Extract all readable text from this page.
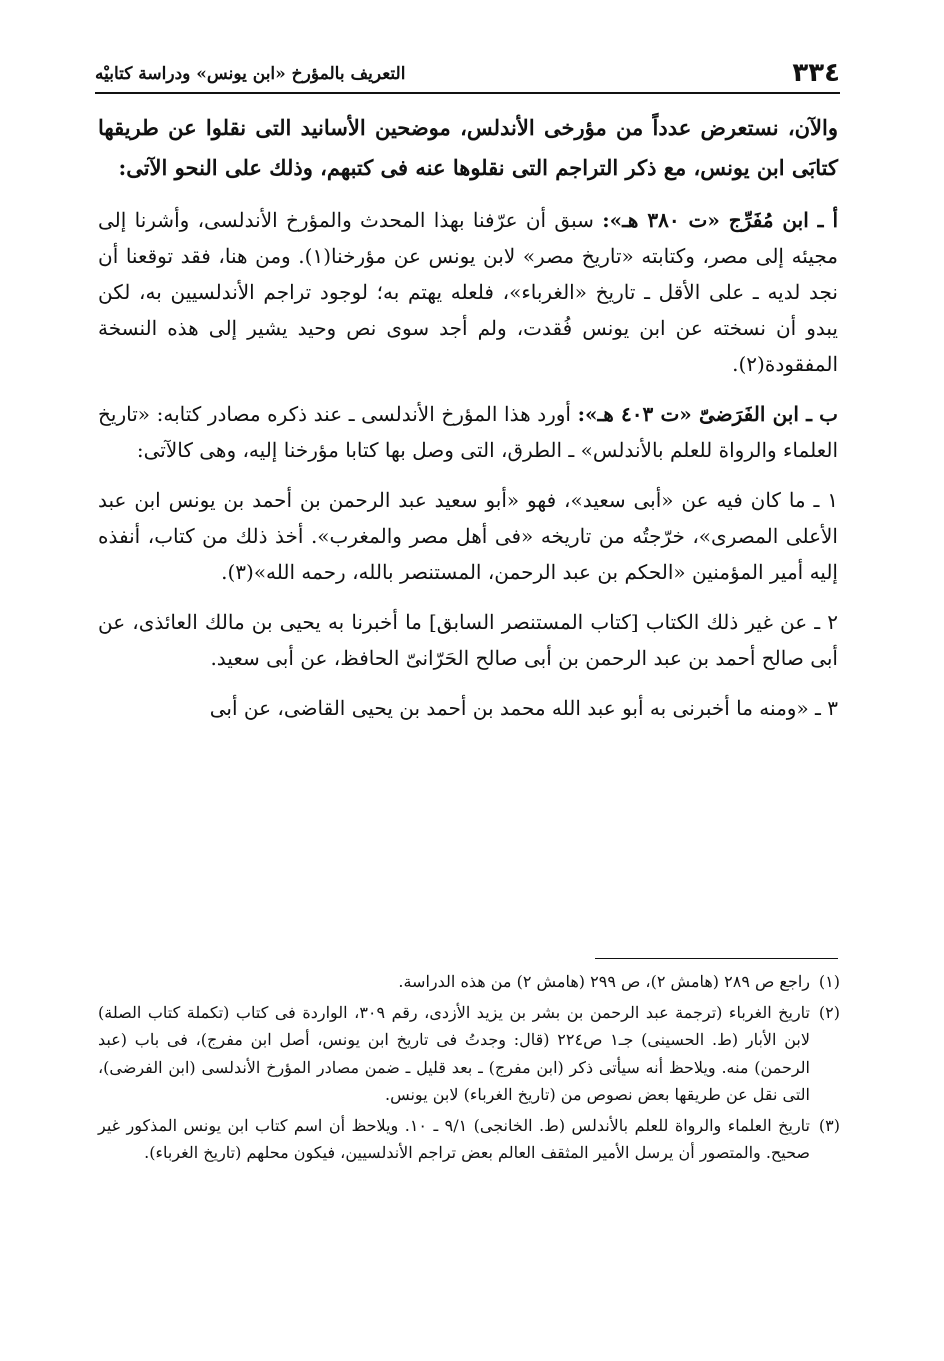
٣٣٤
التعريف بالمؤرخ «ابن يونس» ودراسة كتابيْه

والآن، نستعرض عدداً من مؤرخى الأندلس، موضحين الأسانيد التى نقلوا عن طريقها كتابَى ابن يونس، مع ذكر التراجم التى نقلوها عنه فى كتبهم، وذلك على النحو الآتى:

أ ـ ابن مُفَرِّج «ت ٣٨٠ هـ»: سبق أن عرّفنا بهذا المحدث والمؤرخ الأندلسى، وأشرنا إلى مجيئه إلى مصر، وكتابته «تاريخ مصر» لابن يونس عن مؤرخنا(١). ومن هنا، فقد توقعنا أن نجد لديه ـ على الأقل ـ تاريخ «الغرباء»، فلعله يهتم به؛ لوجود تراجم الأندلسيين به، لكن يبدو أن نسخته عن ابن يونس فُقدت، ولم أجد سوى نص وحيد يشير إلى هذه النسخة المفقودة(٢).

ب ـ ابن الفَرَضىّ «ت ٤٠٣ هـ»: أورد هذا المؤرخ الأندلسى ـ عند ذكره مصادر كتابه: «تاريخ العلماء والرواة للعلم بالأندلس» ـ الطرق، التى وصل بها كتابا مؤرخنا إليه، وهى كالآتى:

١ ـ ما كان فيه عن «أبى سعيد»، فهو «أبو سعيد عبد الرحمن بن أحمد بن يونس ابن عبد الأعلى المصرى»، خرّجتُه من تاريخه «فى أهل مصر والمغرب». أخذ ذلك من كتاب، أنفذه إليه أمير المؤمنين «الحكم بن عبد الرحمن، المستنصر بالله، رحمه الله»(٣).

٢ ـ عن غير ذلك الكتاب [كتاب المستنصر السابق] ما أخبرنا به يحيى بن مالك العائذى، عن أبى صالح أحمد بن عبد الرحمن بن أبى صالح الحَرّانىّ الحافظ، عن أبى سعيد.

٣ ـ «ومنه ما أخبرنى به أبو عبد الله محمد بن أحمد بن يحيى القاضى، عن أبى

(١)
راجع ص ٢٨٩ (هامش ٢)، ص ٢٩٩ (هامش ٢) من هذه الدراسة.
(٢)
تاريخ الغرباء (ترجمة عبد الرحمن بن بشر بن يزيد الأزدى، رقم ٣٠٩، الواردة فى كتاب (تكملة كتاب الصلة) لابن الأبار (ط. الحسينى) جـ١ ص٢٢٤ (قال: وجدتُ فى تاريخ ابن يونس، أصل ابن مفرج)، فى باب (عبد الرحمن) منه. ويلاحظ أنه سيأتى ذكر (ابن مفرج) ـ بعد قليل ـ ضمن مصادر المؤرخ الأندلسى (ابن الفرضى)، التى نقل عن طريقها بعض نصوص من (تاريخ الغرباء) لابن يونس.
(٣)
تاريخ العلماء والرواة للعلم بالأندلس (ط. الخانجى) ٩/١ ـ ١٠. ويلاحظ أن اسم كتاب ابن يونس المذكور غير صحيح. والمتصور أن يرسل الأمير المثقف العالم بعض تراجم الأندلسيين، فيكون محلهم (تاريخ الغرباء).
